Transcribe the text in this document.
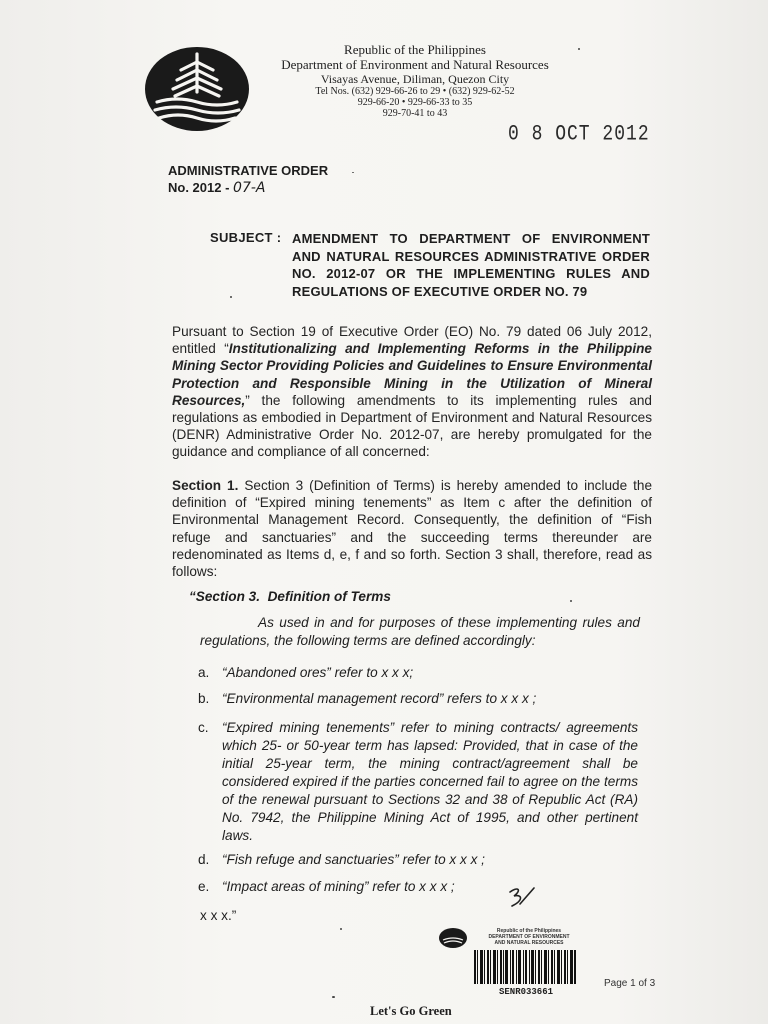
Republic of the Philippines
Department of Environment and Natural Resources
Visayas Avenue, Diliman, Quezon City
Tel Nos. (632) 929-66-26 to 29 • (632) 929-62-52
929-66-20 • 929-66-33 to 35
929-70-41 to 43
0 8 OCT 2012
ADMINISTRATIVE ORDER
No. 2012 - 07-A
SUBJECT : AMENDMENT TO DEPARTMENT OF ENVIRONMENT AND NATURAL RESOURCES ADMINISTRATIVE ORDER NO. 2012-07 OR THE IMPLEMENTING RULES AND REGULATIONS OF EXECUTIVE ORDER NO. 79
Pursuant to Section 19 of Executive Order (EO) No. 79 dated 06 July 2012, entitled “Institutionalizing and Implementing Reforms in the Philippine Mining Sector Providing Policies and Guidelines to Ensure Environmental Protection and Responsible Mining in the Utilization of Mineral Resources,” the following amendments to its implementing rules and regulations as embodied in Department of Environment and Natural Resources (DENR) Administrative Order No. 2012-07, are hereby promulgated for the guidance and compliance of all concerned:
Section 1. Section 3 (Definition of Terms) is hereby amended to include the definition of “Expired mining tenements” as Item c after the definition of Environmental Management Record. Consequently, the definition of “Fish refuge and sanctuaries” and the succeeding terms thereunder are redenominated as Items d, e, f and so forth. Section 3 shall, therefore, read as follows:
“Section 3. Definition of Terms
As used in and for purposes of these implementing rules and regulations, the following terms are defined accordingly:
a. “Abandoned ores” refer to x x x;
b. “Environmental management record” refers to x x x ;
c. “Expired mining tenements” refer to mining contracts/ agreements which 25- or 50-year term has lapsed: Provided, that in case of the initial 25-year term, the mining contract/agreement shall be considered expired if the parties concerned fail to agree on the terms of the renewal pursuant to Sections 32 and 38 of Republic Act (RA) No. 7942, the Philippine Mining Act of 1995, and other pertinent laws.
d. “Fish refuge and sanctuaries” refer to x x x ;
e. “Impact areas of mining” refer to x x x ;
x x x.”
Republic of the Philippines
DEPARTMENT OF ENVIRONMENT
AND NATURAL RESOURCES
SENR033661
Page 1 of 3
Let's Go Green
